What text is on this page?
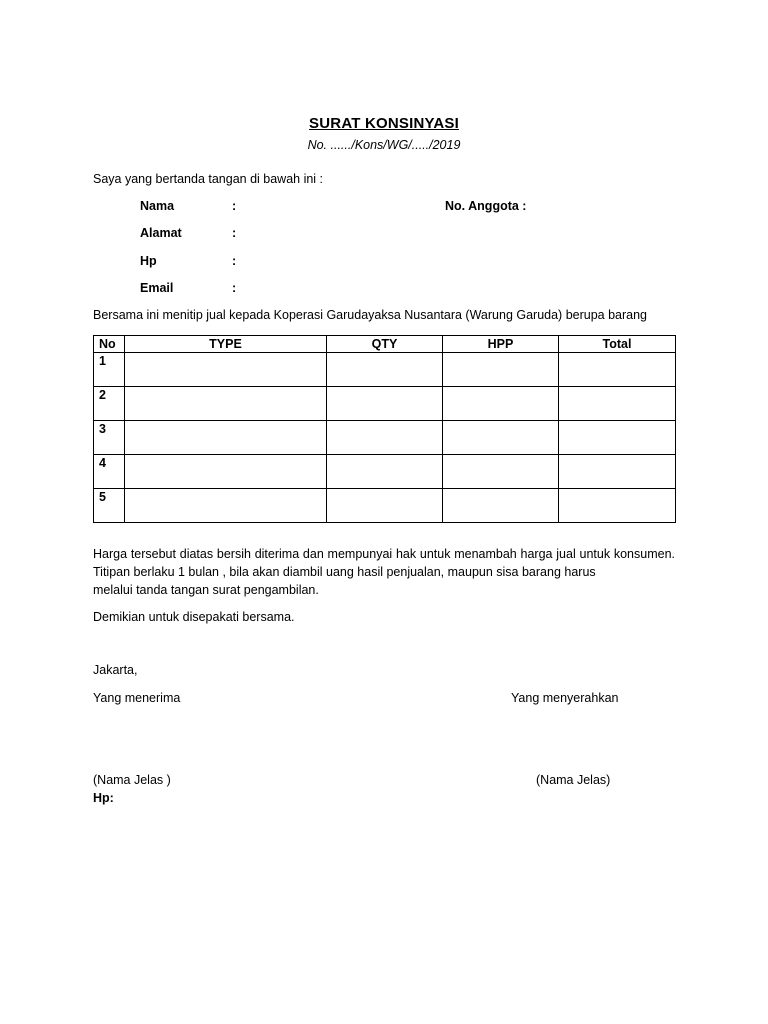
SURAT KONSINYASI
No. ....../Kons/WG/...../2019
Saya yang bertanda tangan di bawah ini :
Nama	:	No. Anggota :
Alamat	:
Hp	:
Email	:
Bersama ini menitip jual kepada Koperasi Garudayaksa Nusantara (Warung Garuda) berupa barang
No	TYPE	QTY	HPP	Total
1				
2				
3				
4				
5				
Harga tersebut diatas bersih diterima dan mempunyai hak untuk menambah harga jual untuk konsumen. Titipan berlaku 1 bulan , bila akan diambil uang hasil penjualan, maupun sisa barang harus
melalui tanda tangan surat pengambilan.
Demikian untuk disepakati bersama.
Jakarta,
Yang menerima	Yang menyerahkan
(Nama Jelas )	(Nama Jelas)
Hp:
